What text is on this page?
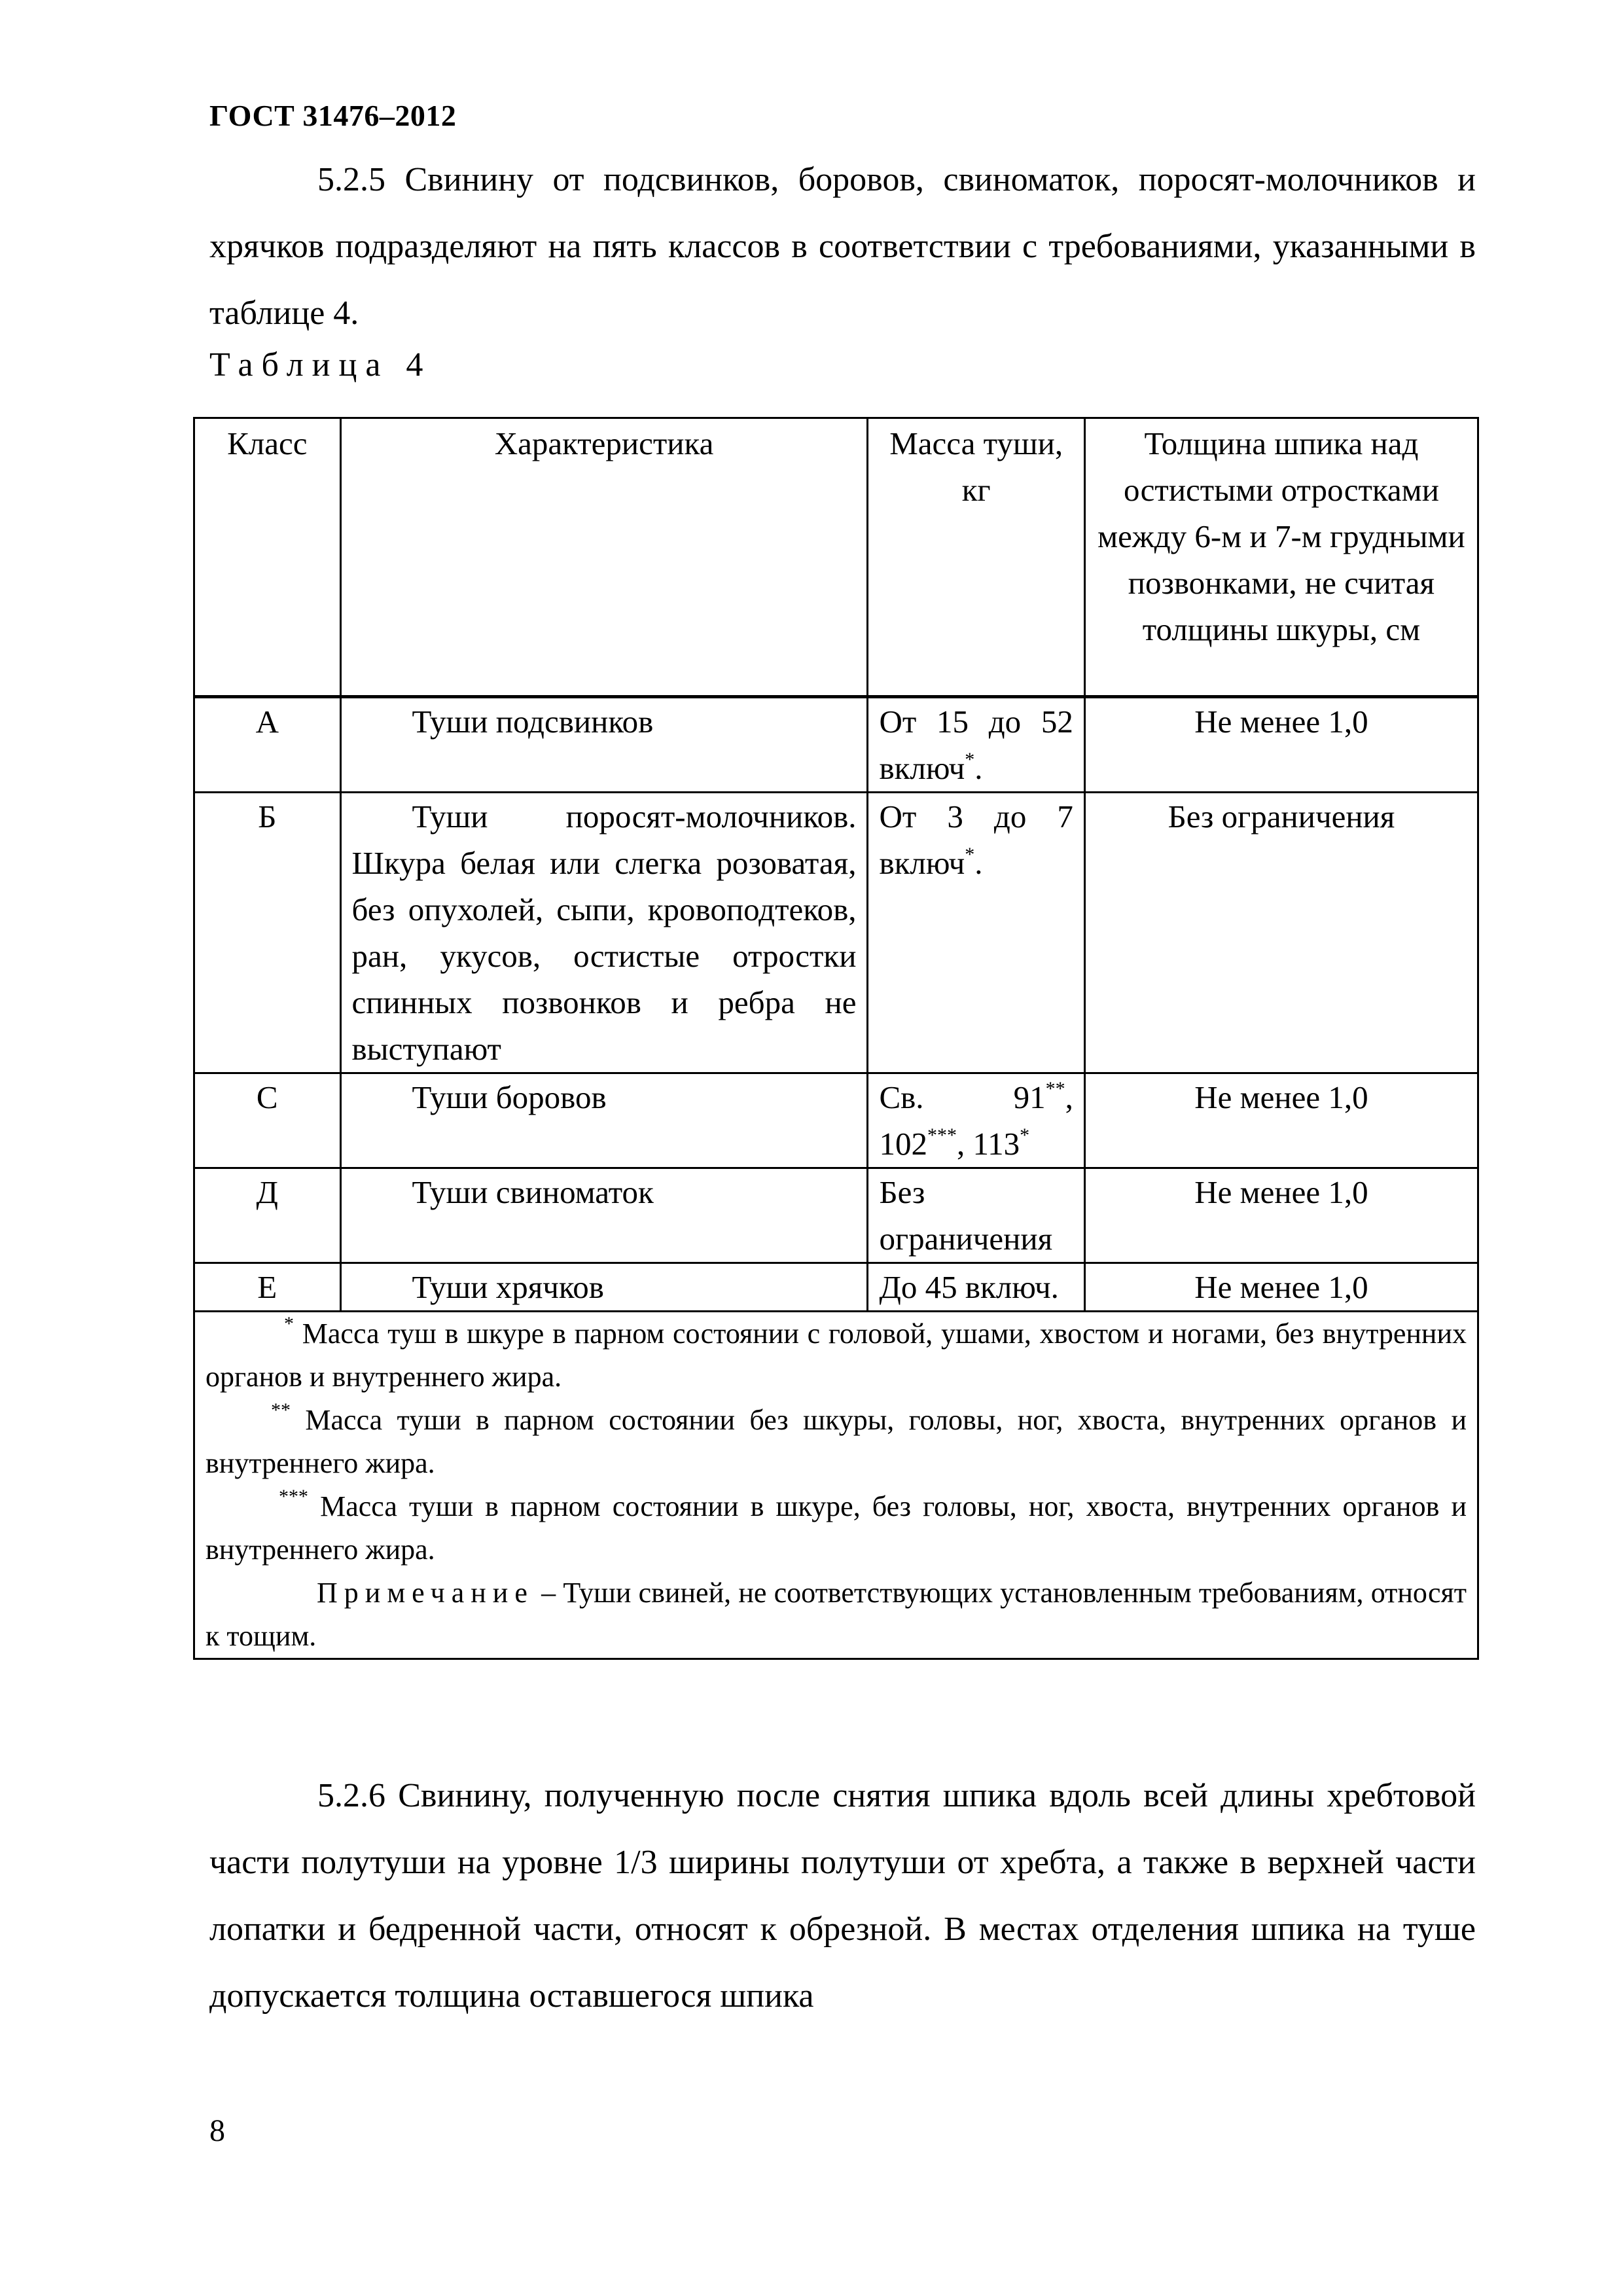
ГОСТ 31476–2012

5.2.5 Свинину от подсвинков, боровов, свиноматок, поросят-молочников и хрячков подразделяют на пять классов в соответствии с требованиями, указанными в таблице 4.

Таблица 4
Класс	Характеристика	Масса туши, кг	Толщина шпика над остистыми отростками между 6-м и 7-м грудными позвонками, не считая толщины шкуры, см
А	Туши подсвинков	От 15 до 52 включ*.	Не менее 1,0
Б	Туши поросят-молочников. Шкура белая или слегка розоватая, без опухолей, сыпи, кровоподтеков, ран, укусов, остистые отростки спинных позвонков и ребра не выступают	От 3 до 7 включ*.	Без ограничения
С	Туши боровов	Св. 91**, 102***, 113*	Не менее 1,0
Д	Туши свиноматок	Без ограничения	Не менее 1,0
Е	Туши хрячков	До 45 включ.	Не менее 1,0

* Масса туш в шкуре в парном состоянии с головой, ушами, хвостом и ногами, без внутренних органов и внутреннего жира.

** Масса туши в парном состоянии без шкуры, головы, ног, хвоста, внутренних органов и внутреннего жира.

*** Масса туши в парном состоянии в шкуре, без головы, ног, хвоста, внутренних органов и внутреннего жира.

Примечание – Туши свиней, не соответствующих установленным требованиям, относят к тощим.			

5.2.6 Свинину, полученную после снятия шпика вдоль всей длины хребтовой части полутуши на уровне 1/3 ширины полутуши от хребта, а также в верхней части лопатки и бедренной части, относят к обрезной. В местах отделения шпика на туше допускается толщина оставшегося шпика

8
